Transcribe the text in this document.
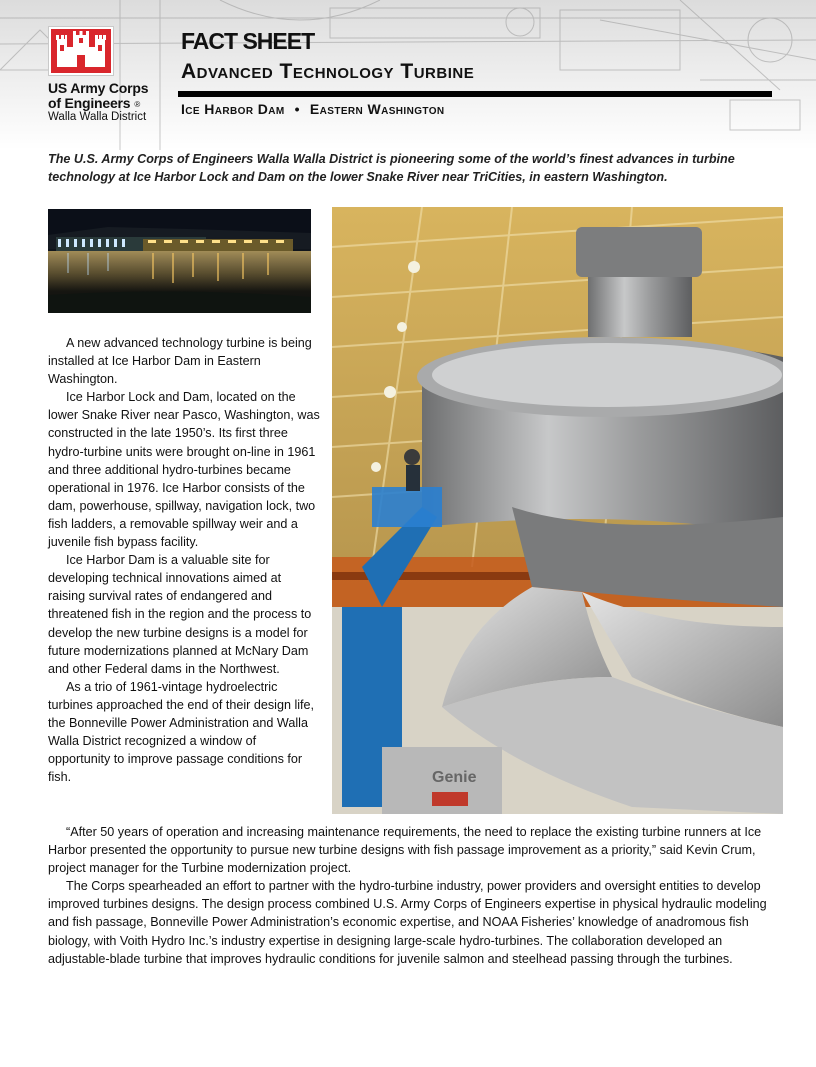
US Army Corps
of Engineers ®
Walla Walla District
FACT SHEET
Advanced Technology Turbine
Ice Harbor Dam • Eastern Washington
The U.S. Army Corps of Engineers Walla Walla District is pioneering some of the world’s finest advances in turbine technology at Ice Harbor Lock and Dam on the lower Snake River near TriCities, in eastern Washington.
Genie

A new advanced technology turbine is being installed at Ice Harbor Dam in Eastern Washington.

Ice Harbor Lock and Dam, located on the lower Snake River near Pasco, Washington, was constructed in the late 1950’s. Its first three hydro-turbine units were brought on-line in 1961 and three additional hydro-turbines became operational in 1976. Ice Harbor consists of the dam, powerhouse, spillway, navigation lock, two fish ladders, a removable spillway weir and a juvenile fish bypass facility.

Ice Harbor Dam is a valuable site for developing technical innovations aimed at raising survival rates of endangered and threatened fish in the region and the process to develop the new turbine designs is a model for future modernizations planned at McNary Dam and other Federal dams in the Northwest.

As a trio of 1961-vintage hydroelectric turbines approached the end of their design life, the Bonneville Power Administration and Walla Walla District recognized a window of opportunity to improve passage conditions for fish.

“After 50 years of operation and increasing maintenance requirements, the need to replace the existing turbine runners at Ice Harbor presented the opportunity to pursue new turbine designs with fish passage improvement as a priority,” said Kevin Crum, project manager for the Turbine modernization project.

The Corps spearheaded an effort to partner with the hydro-turbine industry, power providers and oversight entities to develop improved turbines designs. The design process combined U.S. Army Corps of Engineers expertise in physical hydraulic modeling and fish passage, Bonneville Power Administration’s economic expertise, and NOAA Fisheries’ knowledge of anadromous fish biology, with Voith Hydro Inc.’s industry expertise in designing large-scale hydro-turbines. The collaboration developed an adjustable-blade turbine that improves hydraulic conditions for juvenile salmon and steelhead passing through the turbines.
